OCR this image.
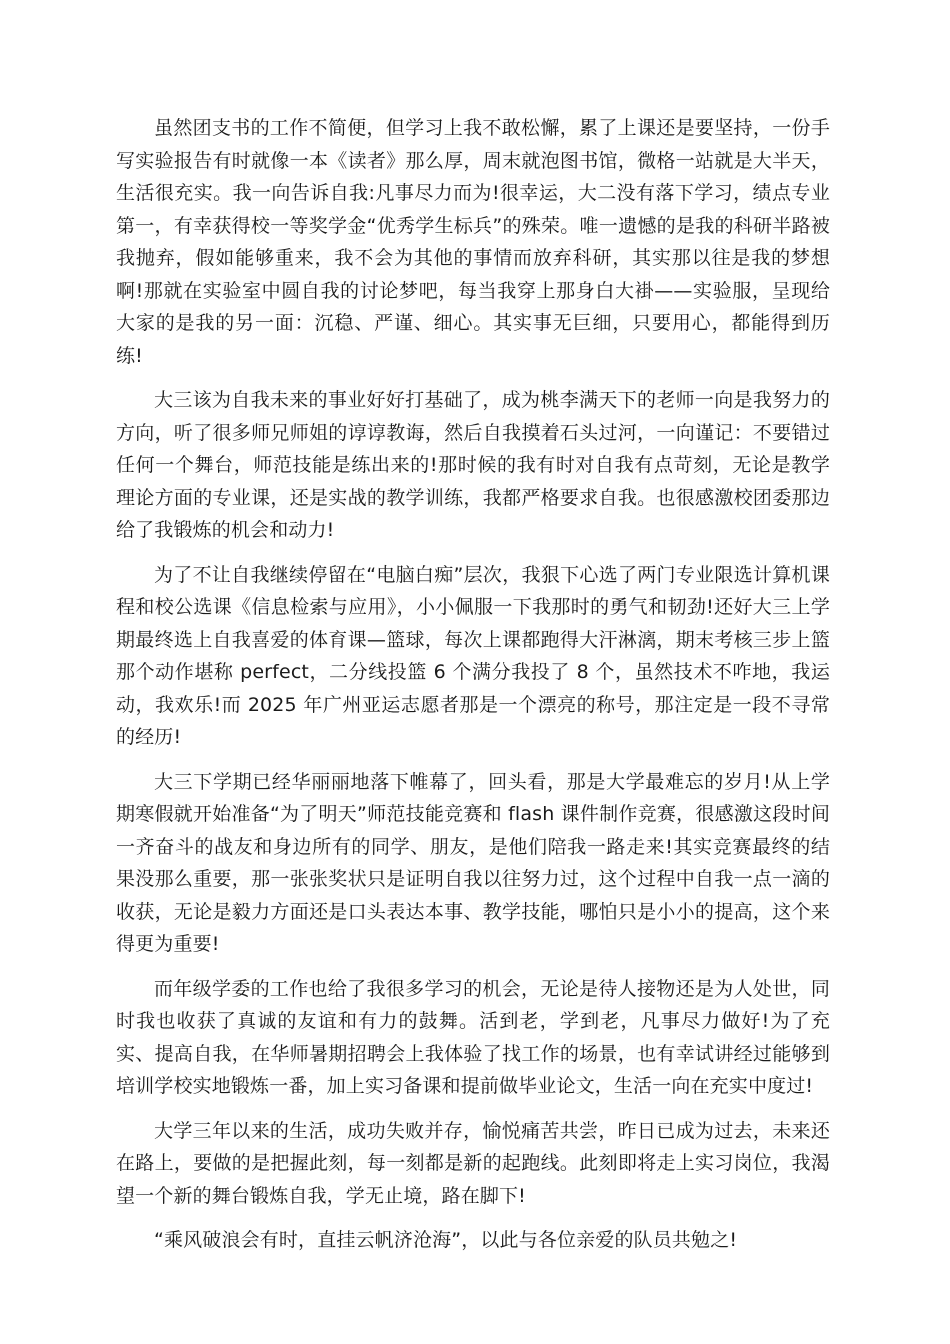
虽然团支书的工作不简便，但学习上我不敢松懈，累了上课还是要坚持，一份手写实验报告有时就像一本《读者》那么厚，周末就泡图书馆，微格一站就是大半天，生活很充实。我一向告诉自我:凡事尽力而为!很幸运，大二没有落下学习，绩点专业第一，有幸获得校一等奖学金“优秀学生标兵”的殊荣。唯一遗憾的是我的科研半路被我抛弃，假如能够重来，我不会为其他的事情而放弃科研，其实那以往是我的梦想啊!那就在实验室中圆自我的讨论梦吧，每当我穿上那身白大褂——实验服，呈现给大家的是我的另一面：沉稳、严谨、细心。其实事无巨细，只要用心，都能得到历练!

大三该为自我未来的事业好好打基础了，成为桃李满天下的老师一向是我努力的方向，听了很多师兄师姐的谆谆教诲，然后自我摸着石头过河，一向谨记：不要错过任何一个舞台，师范技能是练出来的!那时候的我有时对自我有点苛刻，无论是教学理论方面的专业课，还是实战的教学训练，我都严格要求自我。也很感激校团委那边给了我锻炼的机会和动力!

为了不让自我继续停留在“电脑白痴”层次，我狠下心选了两门专业限选计算机课程和校公选课《信息检索与应用》，小小佩服一下我那时的勇气和韧劲!还好大三上学期最终选上自我喜爱的体育课—篮球，每次上课都跑得大汗淋漓，期末考核三步上篮那个动作堪称 perfect，二分线投篮 6 个满分我投了 8 个，虽然技术不咋地，我运动，我欢乐!而 2025 年广州亚运志愿者那是一个漂亮的称号，那注定是一段不寻常的经历!

大三下学期已经华丽丽地落下帷幕了，回头看，那是大学最难忘的岁月!从上学期寒假就开始准备“为了明天”师范技能竞赛和 flash 课件制作竞赛，很感激这段时间一齐奋斗的战友和身边所有的同学、朋友，是他们陪我一路走来!其实竞赛最终的结果没那么重要，那一张张奖状只是证明自我以往努力过，这个过程中自我一点一滴的收获，无论是毅力方面还是口头表达本事、教学技能，哪怕只是小小的提高，这个来得更为重要!

而年级学委的工作也给了我很多学习的机会，无论是待人接物还是为人处世，同时我也收获了真诚的友谊和有力的鼓舞。活到老，学到老，凡事尽力做好!为了充实、提高自我，在华师暑期招聘会上我体验了找工作的场景，也有幸试讲经过能够到培训学校实地锻炼一番，加上实习备课和提前做毕业论文，生活一向在充实中度过!

大学三年以来的生活，成功失败并存，愉悦痛苦共尝，昨日已成为过去，未来还在路上，要做的是把握此刻，每一刻都是新的起跑线。此刻即将走上实习岗位，我渴望一个新的舞台锻炼自我，学无止境，路在脚下!

“乘风破浪会有时，直挂云帆济沧海”，以此与各位亲爱的队员共勉之!
